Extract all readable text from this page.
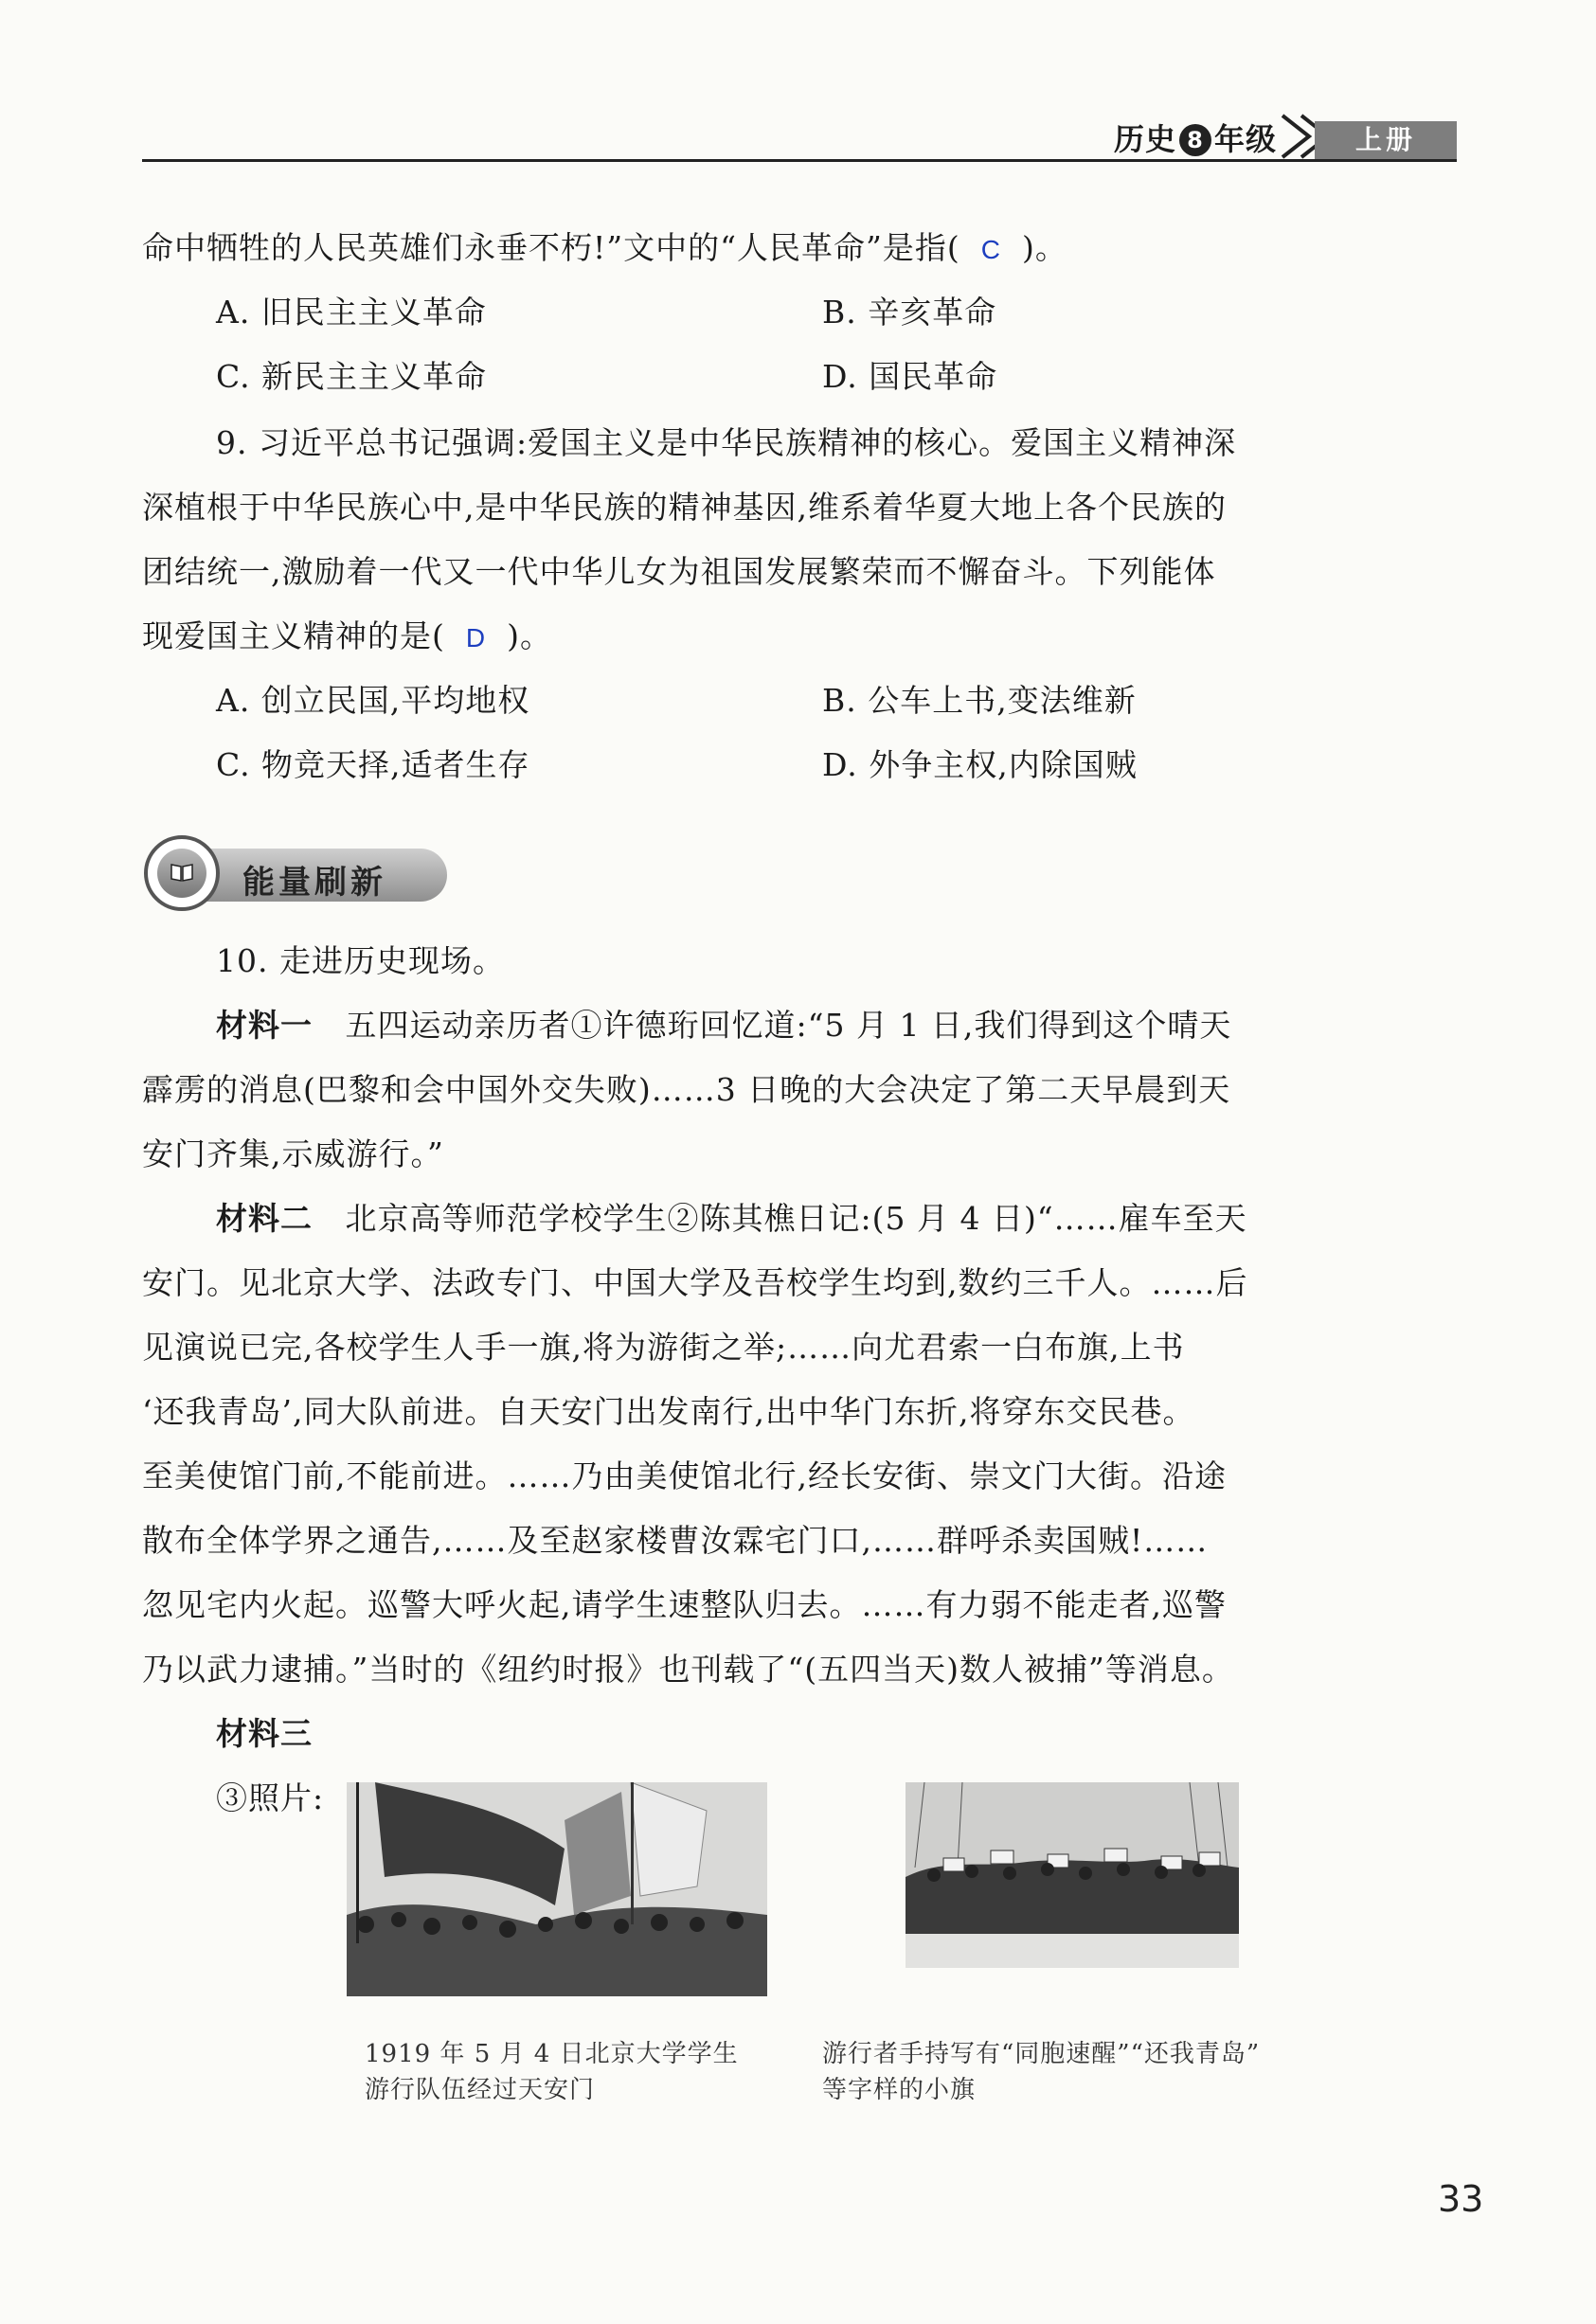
历史 8 年级	上册
命中牺牲的人民英雄们永垂不朽!”文中的“人民革命”是指( C )。
A. 旧民主主义革命	B. 辛亥革命
C. 新民主主义革命	D. 国民革命
9. 习近平总书记强调:爱国主义是中华民族精神的核心。爱国主义精神深
深植根于中华民族心中,是中华民族的精神基因,维系着华夏大地上各个民族的
团结统一,激励着一代又一代中华儿女为祖国发展繁荣而不懈奋斗。下列能体
现爱国主义精神的是( D )。
A. 创立民国,平均地权	B. 公车上书,变法维新
C. 物竞天择,适者生存	D. 外争主权,内除国贼
能量刷新
10. 走进历史现场。
材料一 五四运动亲历者①许德珩回忆道:“5 月 1 日,我们得到这个晴天
霹雳的消息(巴黎和会中国外交失败)……3 日晚的大会决定了第二天早晨到天
安门齐集,示威游行。”
材料二 北京高等师范学校学生②陈其樵日记:(5 月 4 日)“……雇车至天
安门。见北京大学、法政专门、中国大学及吾校学生均到,数约三千人。……后
见演说已完,各校学生人手一旗,将为游街之举;……向尤君索一白布旗,上书
‘还我青岛’,同大队前进。自天安门出发南行,出中华门东折,将穿东交民巷。
至美使馆门前,不能前进。……乃由美使馆北行,经长安街、崇文门大街。沿途
散布全体学界之通告,……及至赵家楼曹汝霖宅门口,……群呼杀卖国贼!……
忽见宅内火起。巡警大呼火起,请学生速整队归去。……有力弱不能走者,巡警
乃以武力逮捕。”当时的《纽约时报》也刊载了“(五四当天)数人被捕”等消息。
材料三
③照片:
1919 年 5 月 4 日北京大学学生
游行队伍经过天安门
游行者手持写有“同胞速醒”“还我青岛”
等字样的小旗
33
